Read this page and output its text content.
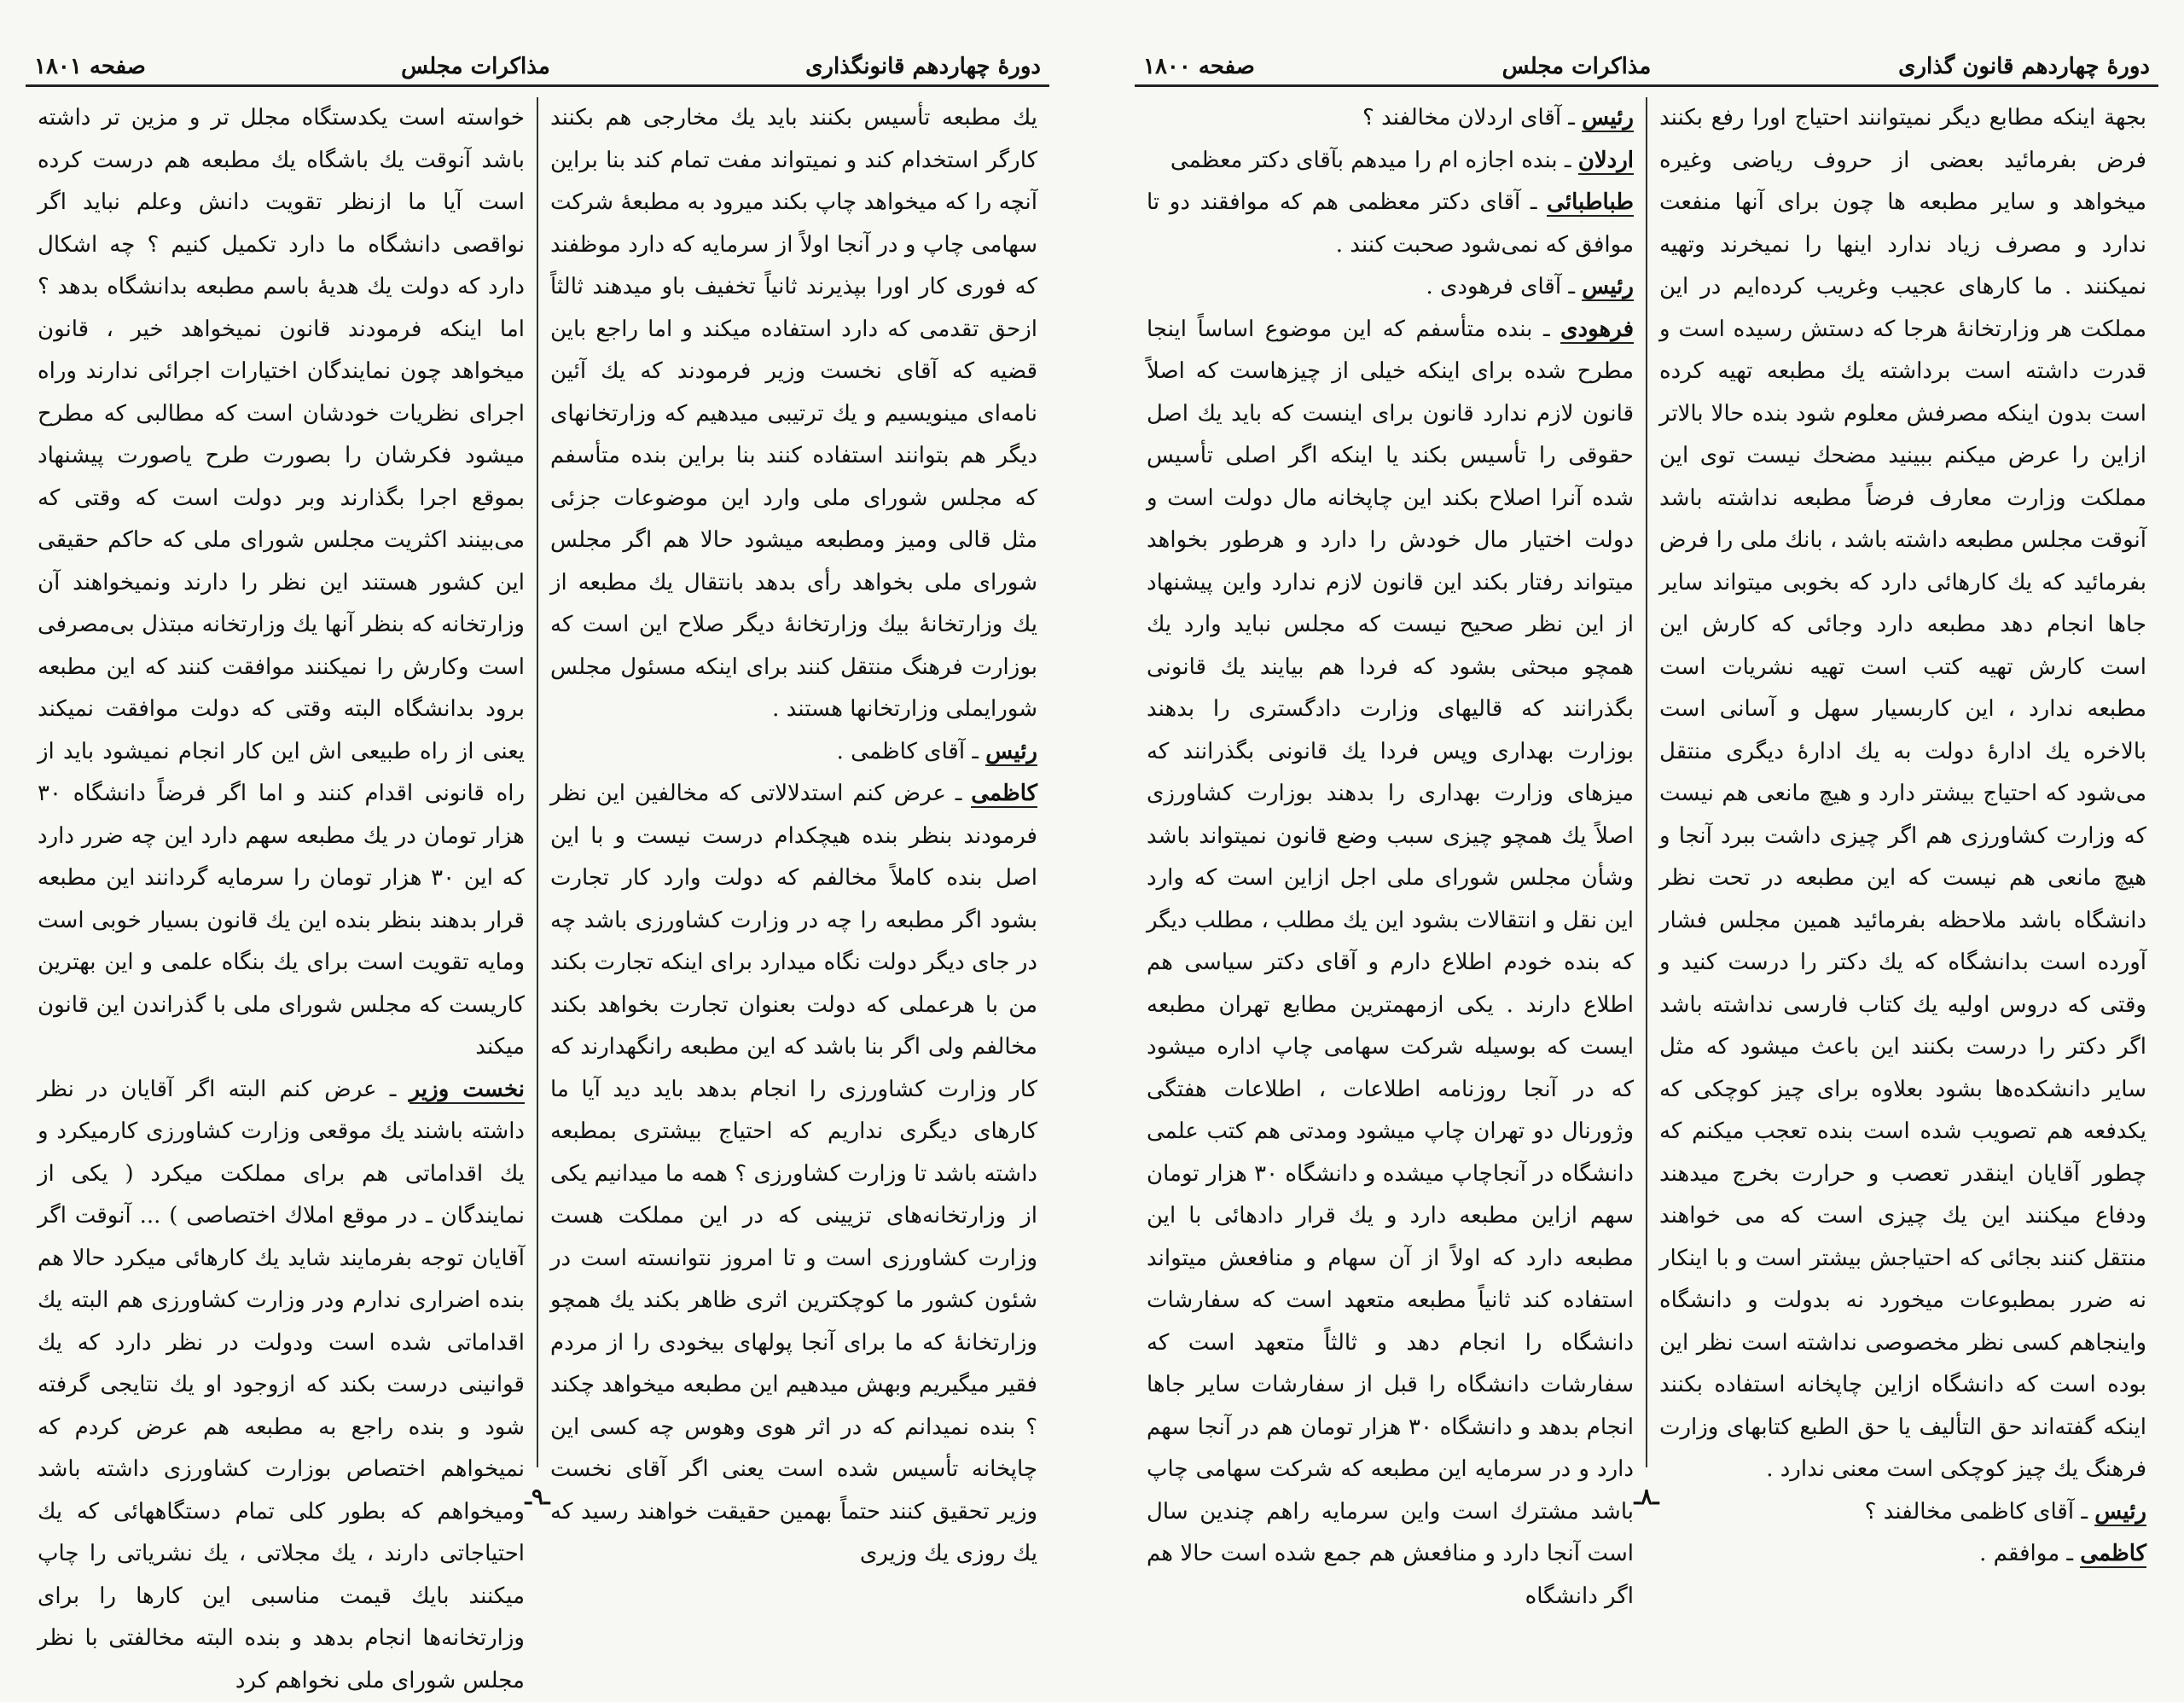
دورهٔ چهاردهم قانونگذاری
مذاکرات مجلس
صفحه ۱۸۰۱

یك مطبعه تأسیس بکنند باید یك مخارجی هم بکنند کارگر استخدام کند و نمیتواند مفت تمام کند بنا براین آنچه را که میخواهد چاپ بکند میرود به مطبعهٔ شرکت سهامی چاپ و در آنجا اولاً از سرمایه که دارد موظفند که فوری کار اورا بپذیرند ثانیاً تخفیف باو میدهند ثالثاً ازحق تقدمی که دارد استفاده میکند و اما راجع باین قضیه که آقای نخست وزیر فرمودند که یك آئین نامه‌ای مینویسیم و یك ترتیبی میدهیم که وزارتخانهای دیگر هم بتوانند استفاده کنند بنا براین بنده متأسفم که مجلس شورای ملی وارد این موضوعات جزئی مثل قالی ومیز ومطبعه میشود حالا هم اگر مجلس شورای ملی بخواهد رأی بدهد بانتقال یك مطبعه از یك وزارتخانهٔ بیك وزارتخانهٔ دیگر صلاح این است که بوزارت فرهنگ منتقل کنند برای اینکه مسئول مجلس شورایملی وزارتخانها هستند .

رئیس ـ آقای کاظمی .

کاظمی ـ عرض کنم استدلالاتی که مخالفین این نظر فرمودند بنظر بنده هیچکدام درست نیست و با این اصل بنده کاملاً مخالفم که دولت وارد کار تجارت بشود اگر مطبعه را چه در وزارت کشاورزی باشد چه در جای دیگر دولت نگاه میدارد برای اینکه تجارت بکند من با هرعملی که دولت بعنوان تجارت بخواهد بکند مخالفم ولی اگر بنا باشد که این مطبعه رانگهدارند که کار وزارت کشاورزی را انجام بدهد باید دید آیا ما کارهای دیگری نداریم که احتیاج بیشتری بمطبعه داشته باشد تا وزارت کشاورزی ؟ همه ما میدانیم یکی از وزارتخانه‌های تزیینی که در این مملکت هست وزارت کشاورزی است و تا امروز نتوانسته است در شئون کشور ما کوچکترین اثری ظاهر بکند یك همچو وزارتخانهٔ که ما برای آنجا پولهای بیخودی را از مردم فقیر میگیریم وبهش میدهیم این مطبعه میخواهد چکند ؟ بنده نمیدانم که در اثر هوی وهوس چه کسی این چاپخانه تأسیس شده است یعنی اگر آقای نخست وزیر تحقیق کنند حتماً بهمین حقیقت خواهند رسید که یك روزی یك وزیری

خواسته است یکدستگاه مجلل تر و مزین تر داشته باشد آنوقت یك باشگاه یك مطبعه هم درست کرده است آیا ما ازنظر تقویت دانش وعلم نباید اگر نواقصی دانشگاه ما دارد تکمیل کنیم ؟ چه اشکال دارد که دولت یك هدیهٔ باسم مطبعه بدانشگاه بدهد ؟ اما اینکه فرمودند قانون نمیخواهد خیر ، قانون میخواهد چون نمایندگان اختیارات اجرائی ندارند وراه اجرای نظریات خودشان است که مطالبی که مطرح میشود فکرشان را بصورت طرح یاصورت پیشنهاد بموقع اجرا بگذارند وبر دولت است که وقتی که می‌بینند اکثریت مجلس شورای ملی که حاکم حقیقی این کشور هستند این نظر را دارند ونمیخواهند آن وزارتخانه که بنظر آنها یك وزارتخانه مبتذل بی‌مصرفی است وکارش را نمیکنند موافقت کنند که این مطبعه برود بدانشگاه البته وقتی که دولت موافقت نمیکند یعنی از راه طبیعی اش این کار انجام نمیشود باید از راه قانونی اقدام کنند و اما اگر فرضاً دانشگاه ۳۰ هزار تومان در یك مطبعه سهم دارد این چه ضرر دارد که این ۳۰ هزار تومان را سرمایه گردانند این مطبعه قرار بدهند بنظر بنده این یك قانون بسیار خوبی است ومایه تقویت است برای یك بنگاه علمی و این بهترین کاریست که مجلس شورای ملی با گذراندن این قانون میکند

نخست وزیر ـ عرض کنم البته اگر آقایان در نظر داشته باشند یك موقعی وزارت کشاورزی کارمیکرد و یك اقداماتی هم برای مملکت میکرد ( یکی از نمایندگان ـ در موقع املاك اختصاصی ) ... آنوقت اگر آقایان توجه بفرمایند شاید یك کارهائی میکرد حالا هم بنده اضراری ندارم ودر وزارت کشاورزی هم البته یك اقداماتی شده است ودولت در نظر دارد که یك قوانینی درست بکند که ازوجود او یك نتایجی گرفته شود و بنده راجع به مطبعه هم عرض کردم که نمیخواهم اختصاص بوزارت کشاورزی داشته باشد ومیخواهم که بطور کلی تمام دستگاههائی که یك احتیاجاتی دارند ، یك مجلاتی ، یك نشریاتی را چاپ میکنند بایك قیمت مناسبی این کارها را برای وزارتخانه‌ها انجام بدهد و بنده البته مخالفتی با نظر مجلس شورای ملی نخواهم کرد

ـ۹ـ
دورهٔ چهاردهم قانون گذاری
مذاکرات مجلس
صفحه ۱۸۰۰

بجهة اینکه مطابع دیگر نمیتوانند احتیاج اورا رفع بکنند فرض بفرمائید بعضی از حروف ریاضی وغیره میخواهد و سایر مطبعه ها چون برای آنها منفعت ندارد و مصرف زیاد ندارد اینها را نمیخرند وتهیه نمیکنند . ما کارهای عجیب وغریب کرده‌ایم در این مملکت هر وزارتخانهٔ هرجا که دستش رسیده است و قدرت داشته است برداشته یك مطبعه تهیه کرده است بدون اینکه مصرفش معلوم شود بنده حالا بالاتر ازاین را عرض میکنم ببینید مضحك نیست توی این مملکت وزارت معارف فرضاً مطبعه نداشته باشد آنوقت مجلس مطبعه داشته باشد ، بانك ملی را فرض بفرمائید که یك کارهائی دارد که بخوبی میتواند سایر جاها انجام دهد مطبعه دارد وجائی که کارش این است کارش تهیه کتب است تهیه نشریات است مطبعه ندارد ، این کاربسیار سهل و آسانی است بالاخره یك ادارهٔ دولت به یك ادارهٔ دیگری منتقل می‌شود که احتیاج بیشتر دارد و هیچ مانعی هم نیست که وزارت کشاورزی هم اگر چیزی داشت ببرد آنجا و هیچ مانعی هم نیست که این مطبعه در تحت نظر دانشگاه باشد ملاحظه بفرمائید همین مجلس فشار آورده است بدانشگاه که یك دکتر را درست کنید و وقتی که دروس اولیه یك کتاب فارسی نداشته باشد اگر دکتر را درست بکنند این باعث میشود که مثل سایر دانشکده‌ها بشود بعلاوه برای چیز کوچکی که یکدفعه هم تصویب شده است بنده تعجب میکنم که چطور آقایان اینقدر تعصب و حرارت بخرج میدهند ودفاع میکنند این یك چیزی است که می خواهند منتقل کنند بجائی که احتیاجش بیشتر است و با اینکار نه ضرر بمطبوعات میخورد نه بدولت و دانشگاه واینجاهم کسی نظر مخصوصی نداشته است نظر این بوده است که دانشگاه ازاین چاپخانه استفاده بکنند اینکه گفته‌اند حق التألیف یا حق الطبع کتابهای وزارت فرهنگ یك چیز کوچکی است معنی ندارد .

رئیس ـ آقای کاظمی مخالفند ؟

کاظمی ـ موافقم .

رئیس ـ آقای اردلان مخالفند ؟

اردلان ـ بنده اجازه ام را میدهم بآقای دکتر معظمی

طباطبائی ـ آقای دکتر معظمی هم که موافقند دو تا موافق که نمی‌شود صحبت کنند .

رئیس ـ آقای فرهودی .

فرهودی ـ بنده متأسفم که این موضوع اساساً اینجا مطرح شده برای اینکه خیلی از چیزهاست که اصلاً قانون لازم ندارد قانون برای اینست که باید یك اصل حقوقی را تأسیس بکند یا اینکه اگر اصلی تأسیس شده آنرا اصلاح بکند این چاپخانه مال دولت است و دولت اختیار مال خودش را دارد و هرطور بخواهد میتواند رفتار بکند این قانون لازم ندارد واین پیشنهاد از این نظر صحیح نیست که مجلس نباید وارد یك همچو مبحثی بشود که فردا هم بیایند یك قانونی بگذرانند که قالیهای وزارت دادگستری را بدهند بوزارت بهداری وپس فردا یك قانونی بگذرانند که میزهای وزارت بهداری را بدهند بوزارت کشاورزی اصلاً یك همچو چیزی سبب وضع قانون نمیتواند باشد وشأن مجلس شورای ملی اجل ازاین است که وارد این نقل و انتقالات بشود این یك مطلب ، مطلب دیگر که بنده خودم اطلاع دارم و آقای دکتر سیاسی هم اطلاع دارند . یکی ازمهمترین مطابع تهران مطبعه ایست که بوسیله شرکت سهامی چاپ اداره میشود که در آنجا روزنامه اطلاعات ، اطلاعات هفتگی وژورنال دو تهران چاپ میشود ومدتی هم کتب علمی دانشگاه در آنجاچاپ میشده و دانشگاه ۳۰ هزار تومان سهم ازاین مطبعه دارد و یك قرار دادهائی با این مطبعه دارد که اولاً از آن سهام و منافعش میتواند استفاده کند ثانیاً مطبعه متعهد است که سفارشات دانشگاه را انجام دهد و ثالثاً متعهد است که سفارشات دانشگاه را قبل از سفارشات سایر جاها انجام بدهد و دانشگاه ۳۰ هزار تومان هم در آنجا سهم دارد و در سرمایه این مطبعه که شرکت سهامی چاپ باشد مشترك است واین سرمایه راهم چندین سال است آنجا دارد و منافعش هم جمع شده است حالا هم اگر دانشگاه

ـ۸ـ
